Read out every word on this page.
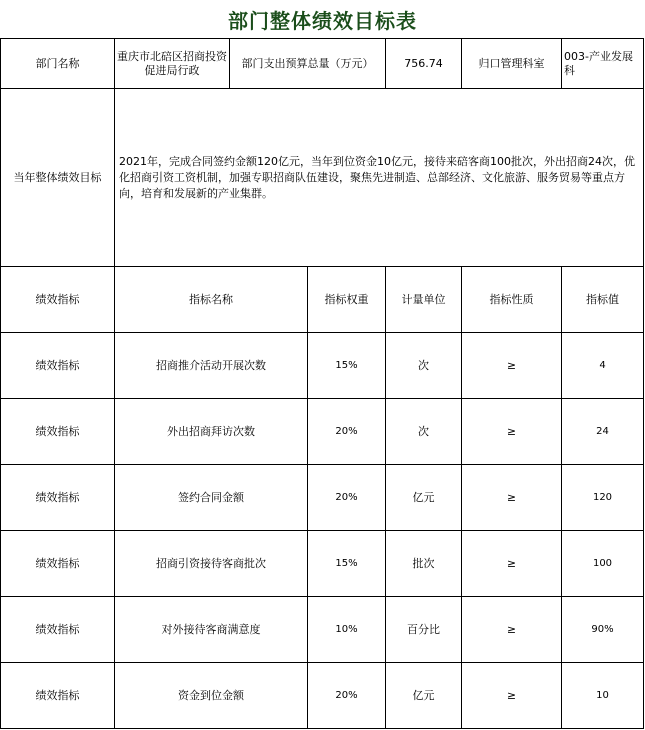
部门整体绩效目标表
部门名称	重庆市北碚区招商投资促进局行政	部门支出预算总量（万元）		756.74	归口管理科室	003-产业发展科
当年整体绩效目标	2021年，完成合同签约金额120亿元，当年到位资金10亿元，接待来碚客商100批次，外出招商24次，优化招商引资工资机制，加强专职招商队伍建设，聚焦先进制造、总部经济、文化旅游、服务贸易等重点方向，培育和发展新的产业集群。					
绩效指标	指标名称		指标权重	计量单位	指标性质	指标值
绩效指标	招商推介活动开展次数		15%	次	≥	4
绩效指标	外出招商拜访次数		20%	次	≥	24
绩效指标	签约合同金额		20%	亿元	≥	120
绩效指标	招商引资接待客商批次		15%	批次	≥	100
绩效指标	对外接待客商满意度		10%	百分比	≥	90%
绩效指标	资金到位金额		20%	亿元	≥	10
